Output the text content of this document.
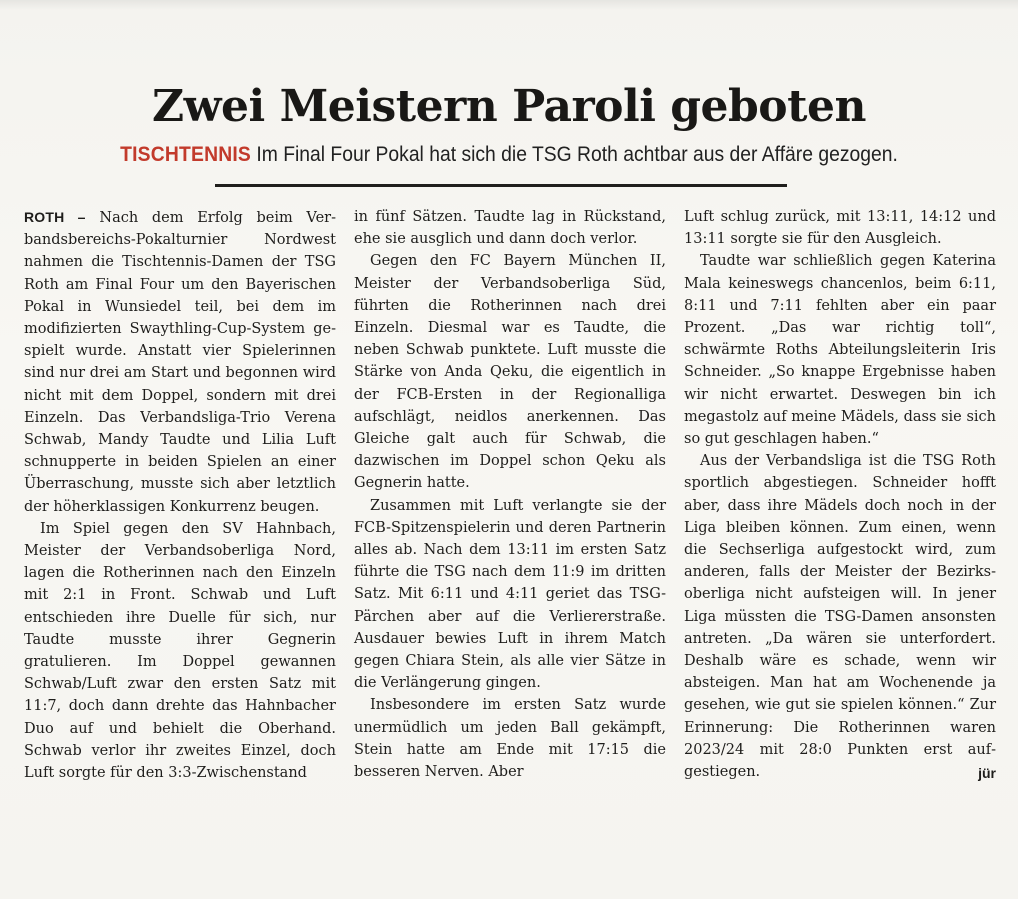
Zwei Meistern Paroli geboten
TISCHTENNIS Im Final Four Pokal hat sich die TSG Roth achtbar aus der Affäre gezogen.

ROTH – Nach dem Erfolg beim Verbandsbereichs-Pokalturnier Nordwest nahmen die Tischtennis-Damen der TSG Roth am Final Four um den Bayerischen Pokal in Wunsiedel teil, bei dem im modifizierten Swaythling-Cup-System gespielt wurde. Anstatt vier Spielerinnen sind nur drei am Start und begonnen wird nicht mit dem Doppel, sondern mit drei Einzeln. Das Verbandsliga-Trio Verena Schwab, Mandy Taudte und Lilia Luft schnupperte in beiden Spielen an einer Überraschung, musste sich aber letztlich der höherklassigen Konkurrenz beugen.

Im Spiel gegen den SV Hahnbach, Meister der Verbandsoberliga Nord, lagen die Rotherinnen nach den Einzeln mit 2:1 in Front. Schwab und Luft entschieden ihre Duelle für sich, nur Taudte musste ihrer Gegnerin gratulieren. Im Doppel gewannen Schwab/Luft zwar den ersten Satz mit 11:7, doch dann drehte das Hahnbacher Duo auf und behielt die Oberhand. Schwab verlor ihr zweites Einzel, doch Luft sorgte für den 3:3-Zwischenstand

in fünf Sätzen. Taudte lag in Rückstand, ehe sie ausglich und dann doch verlor.

Gegen den FC Bayern München II, Meister der Verbandsoberliga Süd, führten die Rotherinnen nach drei Einzeln. Diesmal war es Taudte, die neben Schwab punktete. Luft musste die Stärke von Anda Qeku, die eigentlich in der FCB-Ersten in der Regionalliga aufschlägt, neidlos anerkennen. Das Gleiche galt auch für Schwab, die dazwischen im Doppel schon Qeku als Gegnerin hatte.

Zusammen mit Luft verlangte sie der FCB-Spitzenspielerin und deren Partnerin alles ab. Nach dem 13:11 im ersten Satz führte die TSG nach dem 11:9 im dritten Satz. Mit 6:11 und 4:11 geriet das TSG-Pärchen aber auf die Verliererstraße. Ausdauer bewies Luft in ihrem Match gegen Chiara Stein, als alle vier Sätze in die Verlängerung gingen.

Insbesondere im ersten Satz wurde unermüdlich um jeden Ball gekämpft, Stein hatte am Ende mit 17:15 die besseren Nerven. Aber

Luft schlug zurück, mit 13:11, 14:12 und 13:11 sorgte sie für den Ausgleich.

Taudte war schließlich gegen Katerina Mala keineswegs chancenlos, beim 6:11, 8:11 und 7:11 fehlten aber ein paar Prozent. „Das war richtig toll“, schwärmte Roths Abteilungsleiterin Iris Schneider. „So knappe Ergebnisse haben wir nicht erwartet. Deswegen bin ich megastolz auf meine Mädels, dass sie sich so gut geschlagen haben.“

Aus der Verbandsliga ist die TSG Roth sportlich abgestiegen. Schneider hofft aber, dass ihre Mädels doch noch in der Liga bleiben können. Zum einen, wenn die Sechserliga aufgestockt wird, zum anderen, falls der Meister der Bezirksoberliga nicht aufsteigen will. In jener Liga müssten die TSG-Damen ansonsten antreten. „Da wären sie unterfordert. Deshalb wäre es schade, wenn wir absteigen. Man hat am Wochenende ja gesehen, wie gut sie spielen können.“ Zur Erinnerung: Die Rotherinnen waren 2023/24 mit 28:0 Punkten erst aufgestiegen.	jür
